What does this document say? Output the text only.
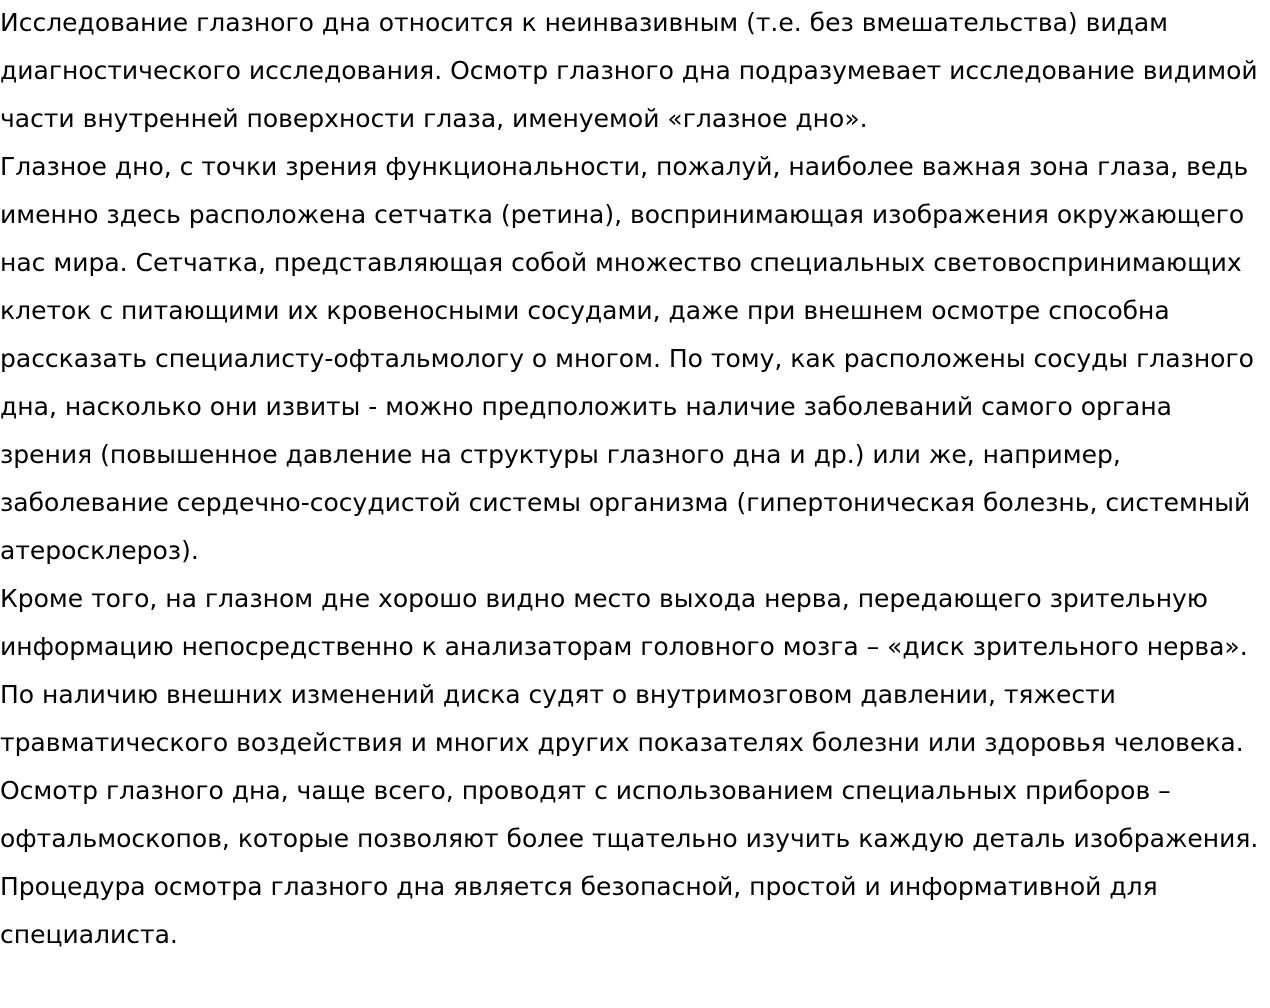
Исследование глазного дна относится к неинвазивным (т.е. без вмешательства) видам диагностического исследования. Осмотр глазного дна подразумевает исследование видимой части внутренней поверхности глаза, именуемой «глазное дно».

Глазное дно, с точки зрения функциональности, пожалуй, наиболее важная зона глаза, ведь именно здесь расположена сетчатка (ретина), воспринимающая изображения окружающего нас мира. Сетчатка, представляющая собой множество специальных световоспринимающих клеток с питающими их кровеносными сосудами, даже при внешнем осмотре способна рассказать специалисту-офтальмологу о многом. По тому, как расположены сосуды глазного дна, насколько они извиты - можно предположить наличие заболеваний самого органа зрения (повышенное давление на структуры глазного дна и др.) или же, например, заболевание сердечно-сосудистой системы организма (гипертоническая болезнь, системный атеросклероз).

Кроме того, на глазном дне хорошо видно место выхода нерва, передающего зрительную информацию непосредственно к анализаторам головного мозга – «диск зрительного нерва». По наличию внешних изменений диска судят о внутримозговом давлении, тяжести травматического воздействия и многих других показателях болезни или здоровья человека.

Осмотр глазного дна, чаще всего, проводят с использованием специальных приборов – офтальмоскопов, которые позволяют более тщательно изучить каждую деталь изображения. Процедура осмотра глазного дна является безопасной, простой и информативной для специалиста.
